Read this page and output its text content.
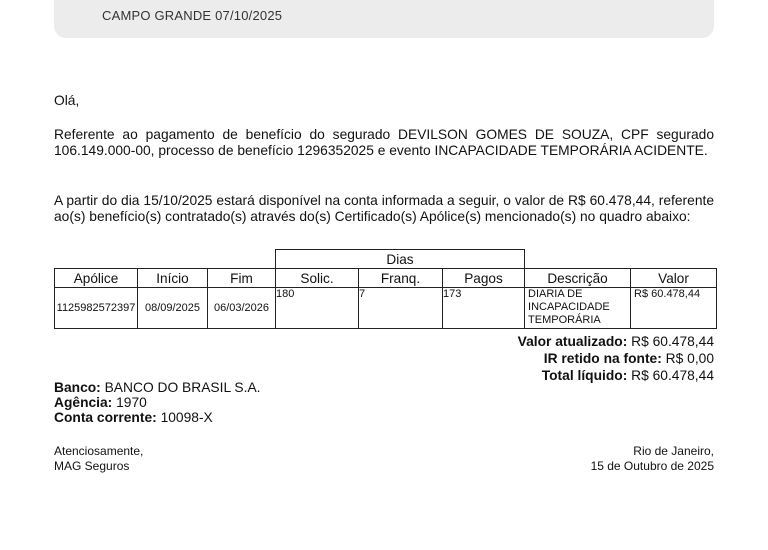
CAMPO GRANDE 07/10/2025

Olá,

Referente ao pagamento de benefício do segurado DEVILSON GOMES DE SOUZA, CPF segurado 106.149.000-00, processo de benefício 1296352025 e evento INCAPACIDADE TEMPORÁRIA ACIDENTE.

A partir do dia 15/10/2025 estará disponível na conta informada a seguir, o valor de R$ 60.478,44, referente ao(s) benefício(s) contratado(s) através do(s) Certificado(s) Apólice(s) mencionado(s) no quadro abaixo:

			Dias				
Apólice	Início	Fim	Solic.	Franq.	Pagos	Descrição	Valor
1125982572397	08/09/2025	06/03/2026	180	7	173	DIARIA DE INCAPACIDADE TEMPORÁRIA	R$ 60.478,44
Valor atualizado: R$ 60.478,44
IR retido na fonte: R$ 0,00
Total líquido: R$ 60.478,44
Banco: BANCO DO BRASIL S.A.
Agência: 1970
Conta corrente: 10098-X
Atenciosamente,
MAG Seguros
Rio de Janeiro,
15 de Outubro de 2025
